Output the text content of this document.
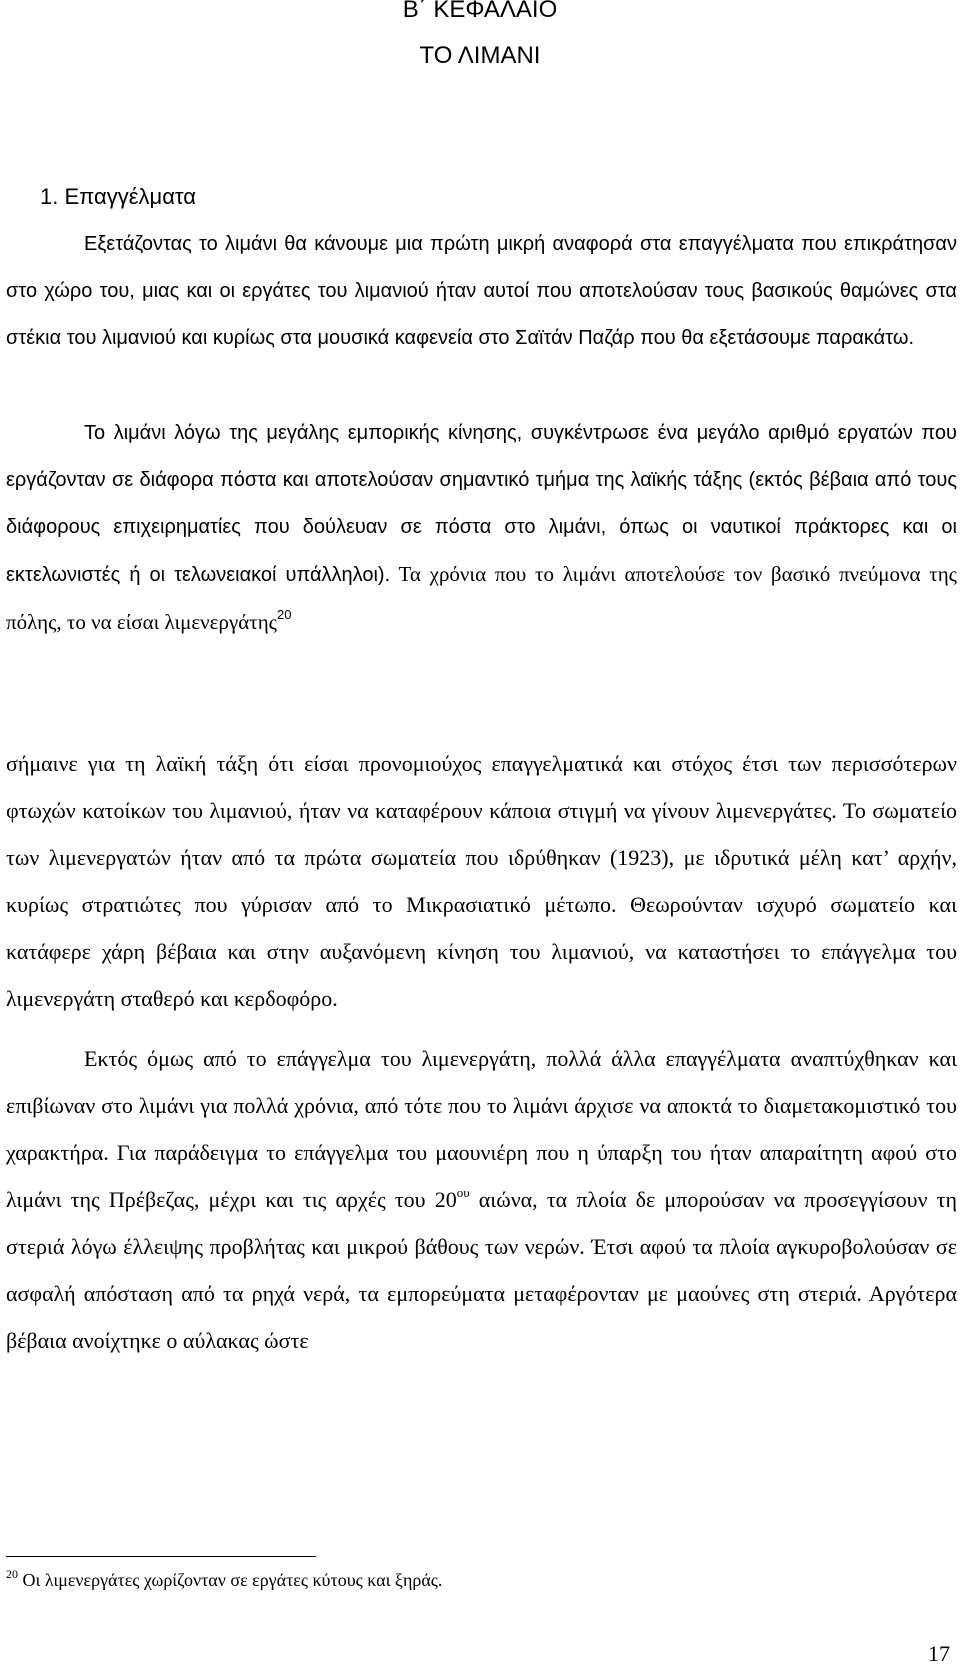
Β΄ ΚΕΦΑΛΑΙΟ
ΤΟ ΛΙΜΑΝΙ
1. Επαγγέλματα

Εξετάζοντας το λιμάνι θα κάνουμε μια πρώτη μικρή αναφορά στα επαγγέλματα που επικράτησαν στο χώρο του, μιας και οι εργάτες του λιμανιού ήταν αυτοί που αποτελούσαν τους βασικούς θαμώνες στα στέκια του λιμανιού και κυρίως στα μουσικά καφενεία στο Σαϊτάν Παζάρ που θα εξετάσουμε παρακάτω.

Το λιμάνι λόγω της μεγάλης εμπορικής κίνησης, συγκέντρωσε ένα μεγάλο αριθμό εργατών που εργάζονταν σε διάφορα πόστα και αποτελούσαν σημαντικό τμήμα της λαϊκής τάξης (εκτός βέβαια από τους διάφορους επιχειρηματίες που δούλευαν σε πόστα στο λιμάνι, όπως οι ναυτικοί πράκτορες και οι εκτελωνιστές ή οι τελωνειακοί υπάλληλοι). Τα χρόνια που το λιμάνι αποτελούσε τον βασικό πνεύμονα της πόλης, το να είσαι λιμενεργάτης$^{20}$

σήμαινε για τη λαϊκή τάξη ότι είσαι προνομιούχος επαγγελματικά και στόχος έτσι των περισσότερων φτωχών κατοίκων του λιμανιού, ήταν να καταφέρουν κάποια στιγμή να γίνουν λιμενεργάτες. Το σωματείο των λιμενεργατών ήταν από τα πρώτα σωματεία που ιδρύθηκαν (1923), με ιδρυτικά μέλη κατ’ αρχήν, κυρίως στρατιώτες που γύρισαν από το Μικρασιατικό μέτωπο. Θεωρούνταν ισχυρό σωματείο και κατάφερε χάρη βέβαια και στην αυξανόμενη κίνηση του λιμανιού, να καταστήσει το επάγγελμα του λιμενεργάτη σταθερό και κερδοφόρο.

Εκτός όμως από το επάγγελμα του λιμενεργάτη, πολλά άλλα επαγγέλματα αναπτύχθηκαν και επιβίωναν στο λιμάνι για πολλά χρόνια, από τότε που το λιμάνι άρχισε να αποκτά το διαμετακομιστικό του χαρακτήρα. Για παράδειγμα το επάγγελμα του μαουνιέρη που η ύπαρξη του ήταν απαραίτητη αφού στο λιμάνι της Πρέβεζας, μέχρι και τις αρχές του $20^{o\upsilon}$ αιώνα, τα πλοία δε μπορούσαν να προσεγγίσουν τη στεριά λόγω έλλειψης προβλήτας και μικρού βάθους των νερών. Έτσι αφού τα πλοία αγκυροβολούσαν σε ασφαλή απόσταση από τα ρηχά νερά, τα εμπορεύματα μεταφέρονταν με μαούνες στη στεριά. Αργότερα βέβαια ανοίχτηκε ο αύλακας ώστε

$^{20}$ Οι λιμενεργάτες χωρίζονταν σε εργάτες κύτους και ξηράς.
17
